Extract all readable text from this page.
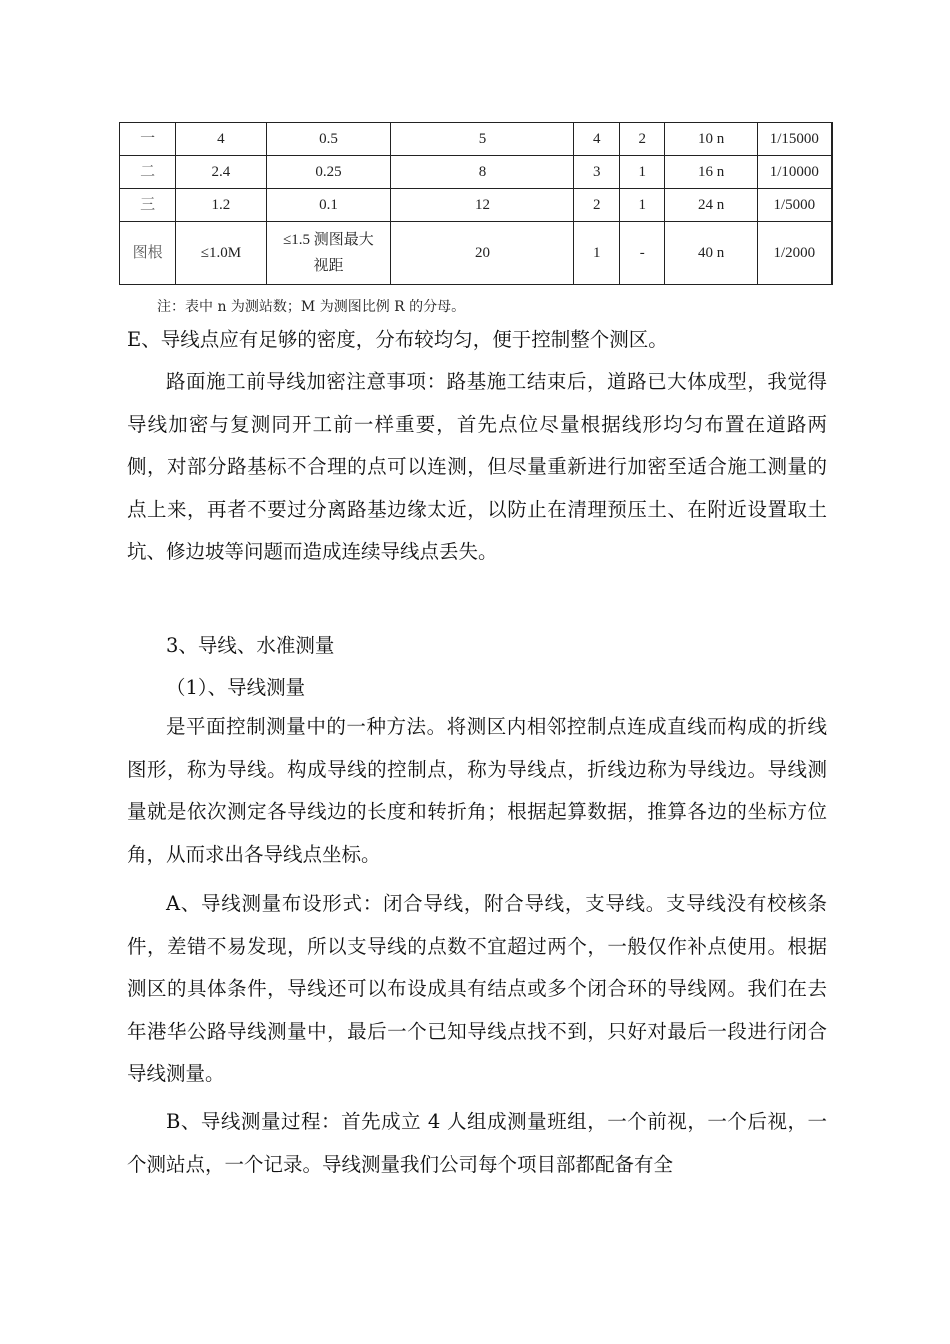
一	4	0.5	5	4	2	10 n	1/15000
二	2.4	0.25	8	3	1	16 n	1/10000
三	1.2	0.1	12	2	1	24 n	1/5000
图根	≤1.0M	≤1.5 测图最大视距	20	1	-	40 n	1/2000
注：表中 n 为测站数；M 为测图比例 R 的分母。
E、导线点应有足够的密度，分布较均匀，便于控制整个测区。
路面施工前导线加密注意事项：路基施工结束后，道路已大体成型，我觉得导线加密与复测同开工前一样重要，首先点位尽量根据线形均匀布置在道路两侧，对部分路基标不合理的点可以连测，但尽量重新进行加密至适合施工测量的点上来，再者不要过分离路基边缘太近，以防止在清理预压土、在附近设置取土坑、修边坡等问题而造成连续导线点丢失。
3、导线、水准测量
（1）、导线测量
是平面控制测量中的一种方法。将测区内相邻控制点连成直线而构成的折线图形，称为导线。构成导线的控制点，称为导线点，折线边称为导线边。导线测量就是依次测定各导线边的长度和转折角；根据起算数据，推算各边的坐标方位角，从而求出各导线点坐标。
A、导线测量布设形式：闭合导线，附合导线，支导线。支导线没有校核条件，差错不易发现，所以支导线的点数不宜超过两个，一般仅作补点使用。根据测区的具体条件，导线还可以布设成具有结点或多个闭合环的导线网。我们在去年港华公路导线测量中，最后一个已知导线点找不到，只好对最后一段进行闭合导线测量。
B、导线测量过程：首先成立 4 人组成测量班组，一个前视，一个后视，一个测站点，一个记录。导线测量我们公司每个项目部都配备有全
